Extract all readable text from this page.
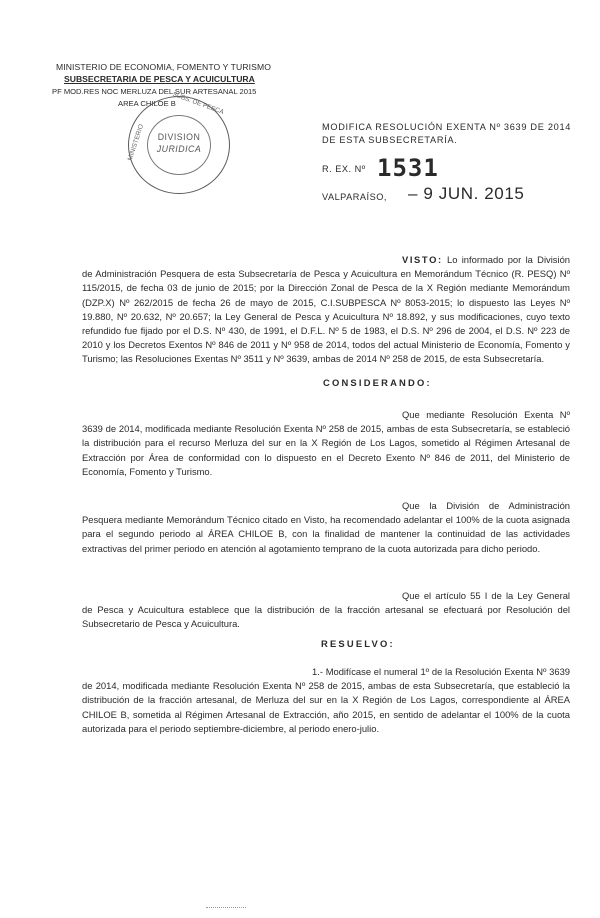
MINISTERIO DE ECONOMIA, FOMENTO Y TURISMO
SUBSECRETARIA DE PESCA Y ACUICULTURA
PF MOD.RES NOC MERLUZA DEL SUR ARTESANAL 2015
AREA CHILOE B
SUBS. DE PESCA
MINISTERIO	DIVISION
JURIDICA
MODIFICA RESOLUCIÓN EXENTA Nº 3639 DE 2014 DE ESTA SUBSECRETARÍA.
R. EX. Nº 1531
VALPARAÍSO, – 9 JUN. 2015
VISTO: Lo informado por la División de Administración Pesquera de esta Subsecretaría de Pesca y Acuicultura en Memorándum Técnico (R. PESQ) Nº 115/2015, de fecha 03 de junio de 2015; por la Dirección Zonal de Pesca de la X Región mediante Memorándum (DZP.X) Nº 262/2015 de fecha 26 de mayo de 2015, C.I.SUBPESCA Nº 8053-2015; lo dispuesto las Leyes Nº 19.880, Nº 20.632, Nº 20.657; la Ley General de Pesca y Acuicultura Nº 18.892, y sus modificaciones, cuyo texto refundido fue fijado por el D.S. Nº 430, de 1991, el D.F.L. Nº 5 de 1983, el D.S. Nº 296 de 2004, el D.S. Nº 223 de 2010 y los Decretos Exentos Nº 846 de 2011 y Nº 958 de 2014, todos del actual Ministerio de Economía, Fomento y Turismo; las Resoluciones Exentas Nº 3511 y Nº 3639, ambas de 2014 Nº 258 de 2015, de esta Subsecretaría.
CONSIDERANDO:
Que mediante Resolución Exenta Nº 3639 de 2014, modificada mediante Resolución Exenta Nº 258 de 2015, ambas de esta Subsecretaría, se estableció la distribución para el recurso Merluza del sur en la X Región de Los Lagos, sometido al Régimen Artesanal de Extracción por Área de conformidad con lo dispuesto en el Decreto Exento Nº 846 de 2011, del Ministerio de Economía, Fomento y Turismo.
Que la División de Administración Pesquera mediante Memorándum Técnico citado en Visto, ha recomendado adelantar el 100% de la cuota asignada para el segundo periodo al ÁREA CHILOE B, con la finalidad de mantener la continuidad de las actividades extractivas del primer periodo en atención al agotamiento temprano de la cuota autorizada para dicho periodo.
Que el artículo 55 I de la Ley General de Pesca y Acuicultura establece que la distribución de la fracción artesanal se efectuará por Resolución del Subsecretario de Pesca y Acuicultura.
RESUELVO:
1.- Modifícase el numeral 1º de la Resolución Exenta Nº 3639 de 2014, modificada mediante Resolución Exenta Nº 258 de 2015, ambas de esta Subsecretaría, que estableció la distribución de la fracción artesanal, de Merluza del sur en la X Región de Los Lagos, correspondiente al ÁREA CHILOE B, sometida al Régimen Artesanal de Extracción, año 2015, en sentido de adelantar el 100% de la cuota autorizada para el periodo septiembre-diciembre, al periodo enero-julio.
